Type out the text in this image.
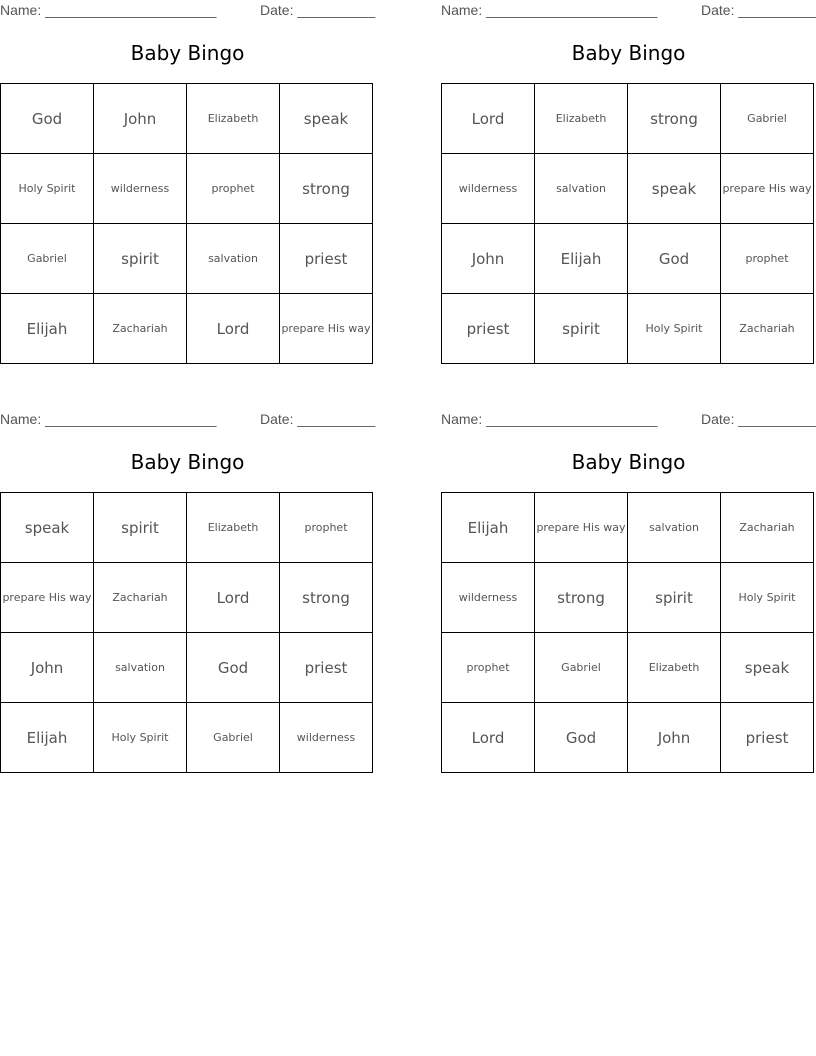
Name: ______________________	Date: __________
Baby Bingo
God	John	Elizabeth	speak
Holy Spirit	wilderness	prophet	strong
Gabriel	spirit	salvation	priest
Elijah	Zachariah	Lord	prepare His way
Name: ______________________	Date: __________
Baby Bingo
Lord	Elizabeth	strong	Gabriel
wilderness	salvation	speak	prepare His way
John	Elijah	God	prophet
priest	spirit	Holy Spirit	Zachariah
Name: ______________________	Date: __________
Baby Bingo
speak	spirit	Elizabeth	prophet
prepare His way	Zachariah	Lord	strong
John	salvation	God	priest
Elijah	Holy Spirit	Gabriel	wilderness
Name: ______________________	Date: __________
Baby Bingo
Elijah	prepare His way	salvation	Zachariah
wilderness	strong	spirit	Holy Spirit
prophet	Gabriel	Elizabeth	speak
Lord	God	John	priest
